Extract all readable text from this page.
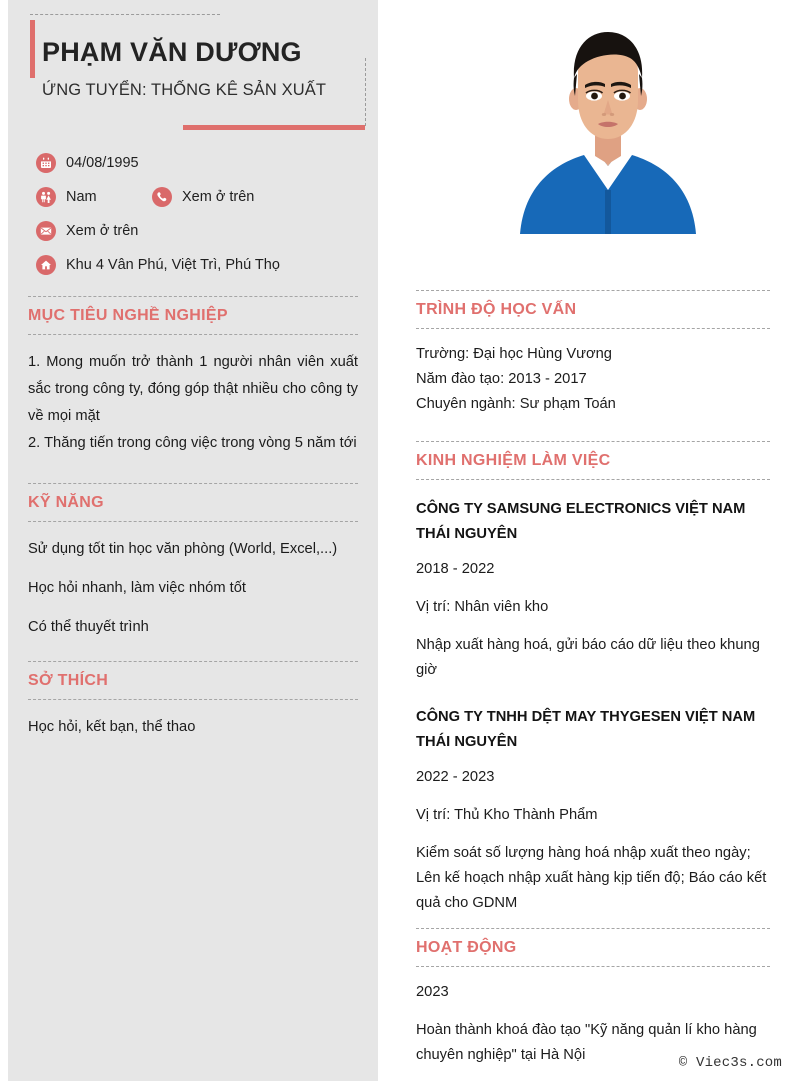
PHẠM VĂN DƯƠNG
ỨNG TUYỂN: THỐNG KÊ SẢN XUẤT
04/08/1995
Nam	Xem ở trên
Xem ở trên
Khu 4 Vân Phú, Việt Trì, Phú Thọ
MỤC TIÊU NGHỀ NGHIỆP
1. Mong muốn trở thành 1 người nhân viên xuất sắc trong công ty, đóng góp thật nhiều cho công ty về mọi mặt
2. Thăng tiến trong công việc trong vòng 5 năm tới
KỸ NĂNG
Sử dụng tốt tin học văn phòng (World, Excel,...)
Học hỏi nhanh, làm việc nhóm tốt
Có thể thuyết trình
SỞ THÍCH
Học hỏi, kết bạn, thể thao
TRÌNH ĐỘ HỌC VẤN
Trường: Đại học Hùng Vương
Năm đào tạo: 2013 - 2017
Chuyên ngành: Sư phạm Toán
KINH NGHIỆM LÀM VIỆC
CÔNG TY SAMSUNG ELECTRONICS VIỆT NAM THÁI NGUYÊN
2018 - 2022
Vị trí: Nhân viên kho
Nhập xuất hàng hoá, gửi báo cáo dữ liệu theo khung giờ
CÔNG TY TNHH DỆT MAY THYGESEN VIỆT NAM THÁI NGUYÊN
2022 - 2023
Vị trí: Thủ Kho Thành Phẩm
Kiểm soát số lượng hàng hoá nhập xuất theo ngày; Lên kế hoạch nhập xuất hàng kịp tiến độ; Báo cáo kết quả cho GDNM
HOẠT ĐỘNG
2023
Hoàn thành khoá đào tạo "Kỹ năng quản lí kho hàng chuyên nghiệp" tại Hà Nội	© Viec3s.com
